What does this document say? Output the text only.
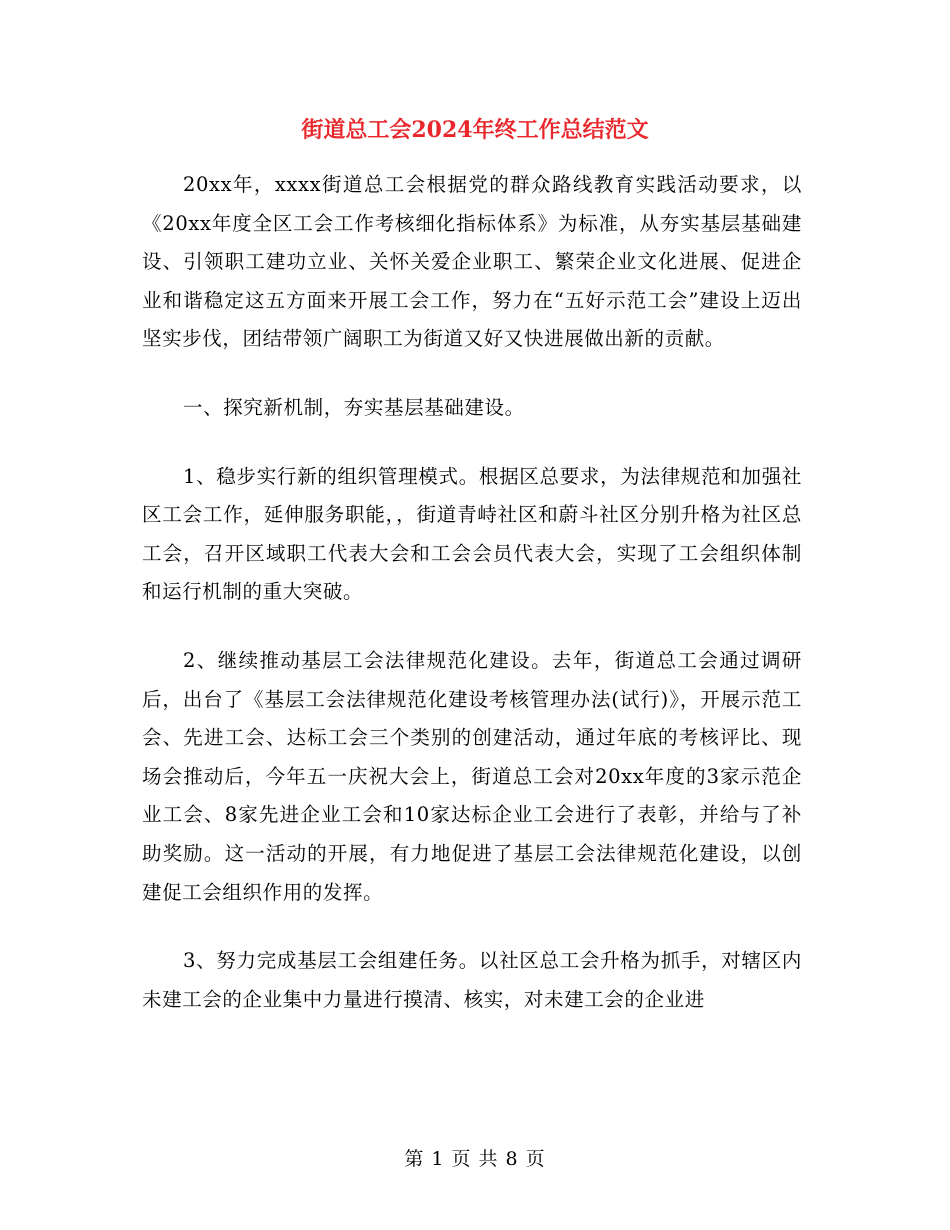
街道总工会2024年终工作总结范文

20xx年，xxxx街道总工会根据党的群众路线教育实践活动要求，以《20xx年度全区工会工作考核细化指标体系》为标准，从夯实基层基础建设、引领职工建功立业、关怀关爱企业职工、繁荣企业文化进展、促进企业和谐稳定这五方面来开展工会工作，努力在“五好示范工会”建设上迈出坚实步伐，团结带领广阔职工为街道又好又快进展做出新的贡献。

一、探究新机制，夯实基层基础建设。

1、稳步实行新的组织管理模式。根据区总要求，为法律规范和加强社区工会工作，延伸服务职能，，街道青峙社区和蔚斗社区分别升格为社区总工会，召开区域职工代表大会和工会会员代表大会，实现了工会组织体制和运行机制的重大突破。

2、继续推动基层工会法律规范化建设。去年，街道总工会通过调研后，出台了《基层工会法律规范化建设考核管理办法(试行)》，开展示范工会、先进工会、达标工会三个类别的创建活动，通过年底的考核评比、现场会推动后，今年五一庆祝大会上，街道总工会对20xx年度的3家示范企业工会、8家先进企业工会和10家达标企业工会进行了表彰，并给与了补助奖励。这一活动的开展，有力地促进了基层工会法律规范化建设，以创建促工会组织作用的发挥。

3、努力完成基层工会组建任务。以社区总工会升格为抓手，对辖区内未建工会的企业集中力量进行摸清、核实，对未建工会的企业进

第 1 页 共 8 页
